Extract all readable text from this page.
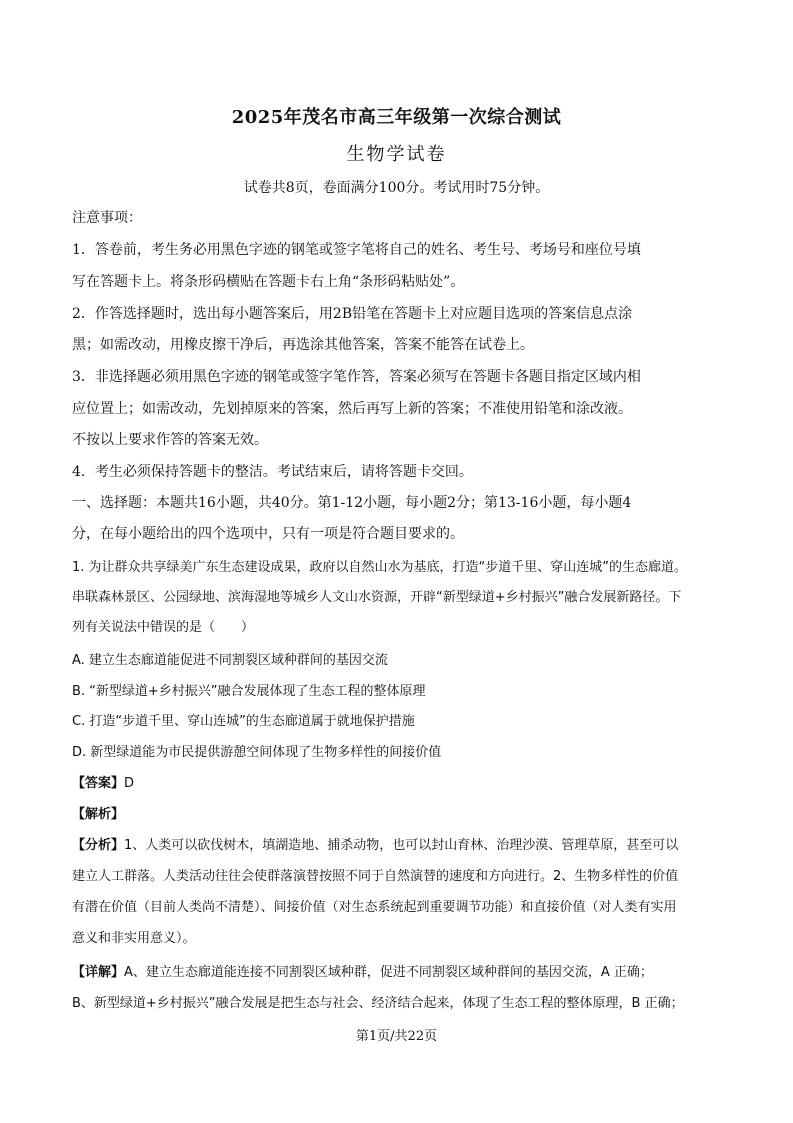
2025年茂名市高三年级第一次综合测试
生物学试卷
试卷共8页，卷面满分100分。考试用时75分钟。
注意事项：
1．答卷前，考生务必用黑色字迹的钢笔或签字笔将自己的姓名、考生号、考场号和座位号填
写在答题卡上。将条形码横贴在答题卡右上角“条形码粘贴处”。
2．作答选择题时，选出每小题答案后，用2B铅笔在答题卡上对应题目选项的答案信息点涂
黑；如需改动，用橡皮擦干净后，再选涂其他答案，答案不能答在试卷上。
3．非选择题必须用黑色字迹的钢笔或签字笔作答，答案必须写在答题卡各题目指定区域内相
应位置上；如需改动，先划掉原来的答案，然后再写上新的答案；不准使用铅笔和涂改液。
不按以上要求作答的答案无效。
4．考生必须保持答题卡的整洁。考试结束后，请将答题卡交回。
一、选择题：本题共16小题，共40分。第1-12小题，每小题2分；第13-16小题，每小题4
分，在每小题给出的四个选项中，只有一项是符合题目要求的。
1. 为让群众共享绿美广东生态建设成果，政府以自然山水为基底，打造“步道千里、穿山连城”的生态廊道。
串联森林景区、公园绿地、滨海湿地等城乡人文山水资源，开辟“新型绿道+乡村振兴”融合发展新路径。下
列有关说法中错误的是（　　）
A. 建立生态廊道能促进不同割裂区域种群间的基因交流
B. “新型绿道+乡村振兴”融合发展体现了生态工程的整体原理
C. 打造“步道千里、穿山连城”的生态廊道属于就地保护措施
D. 新型绿道能为市民提供游憩空间体现了生物多样性的间接价值
【答案】D
【解析】
【分析】1、人类可以砍伐树木，填湖造地、捕杀动物，也可以封山育林、治理沙漠、管理草原，甚至可以
建立人工群落。人类活动往往会使群落演替按照不同于自然演替的速度和方向进行。2、生物多样性的价值
有潜在价值（目前人类尚不清楚）、间接价值（对生态系统起到重要调节功能）和直接价值（对人类有实用
意义和非实用意义）。
【详解】A、建立生态廊道能连接不同割裂区域种群，促进不同割裂区域种群间的基因交流，A 正确；
B、新型绿道+乡村振兴”融合发展是把生态与社会、经济结合起来，体现了生态工程的整体原理，B 正确；
第1页/共22页
